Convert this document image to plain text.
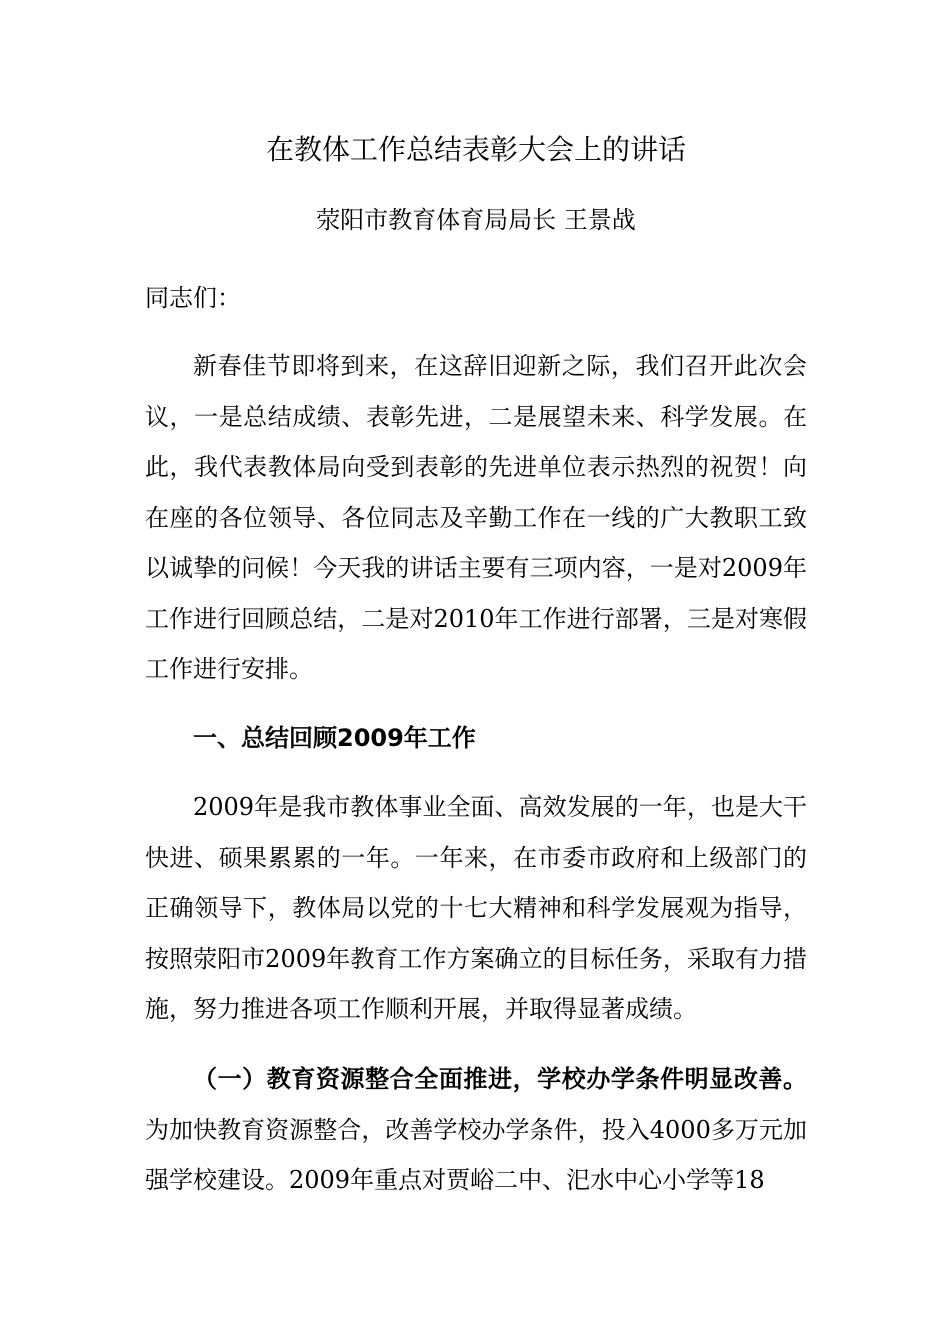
在教体工作总结表彰大会上的讲话

荥阳市教育体育局局长 王景战

同志们：

新春佳节即将到来，在这辞旧迎新之际，我们召开此次会议，一是总结成绩、表彰先进，二是展望未来、科学发展。在此，我代表教体局向受到表彰的先进单位表示热烈的祝贺！向在座的各位领导、各位同志及辛勤工作在一线的广大教职工致以诚挚的问候！今天我的讲话主要有三项内容，一是对2009年工作进行回顾总结，二是对2010年工作进行部署，三是对寒假工作进行安排。

一、总结回顾2009年工作

2009年是我市教体事业全面、高效发展的一年，也是大干快进、硕果累累的一年。一年来，在市委市政府和上级部门的正确领导下，教体局以党的十七大精神和科学发展观为指导，按照荥阳市2009年教育工作方案确立的目标任务，采取有力措施，努力推进各项工作顺利开展，并取得显著成绩。

（一）教育资源整合全面推进，学校办学条件明显改善。为加快教育资源整合，改善学校办学条件，投入4000多万元加强学校建设。2009年重点对贾峪二中、汜水中心小学等18
